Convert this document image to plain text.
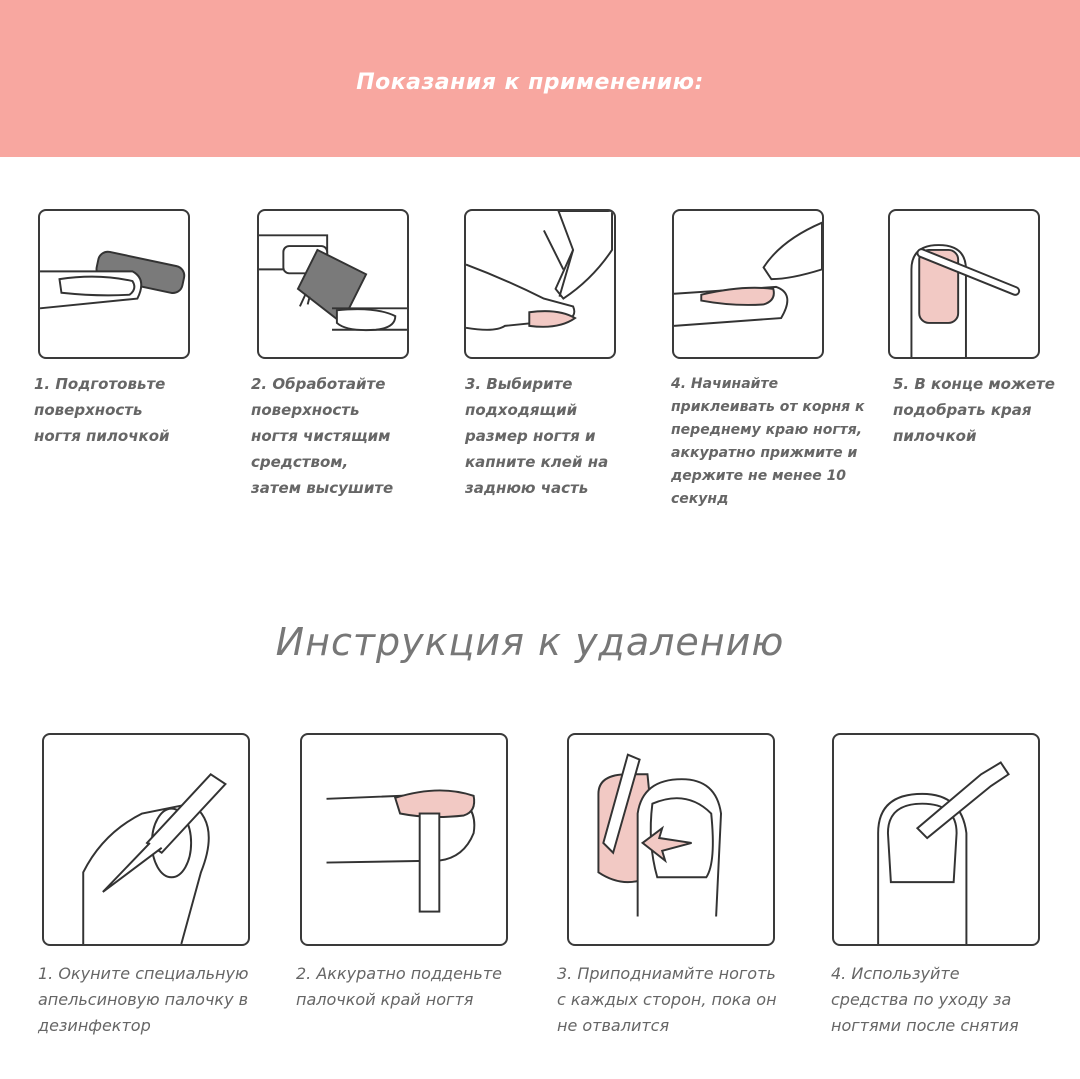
Показания к применению:
1. Подготовьте
поверхность
ногтя пилочкой
2. Обработайте
поверхность
ногтя чистящим
средством,
затем высушите
3. Выбирите
подходящий
размер ногтя и
капните клей на
заднюю часть
4. Начинайте
приклеивать от корня к
переднему краю ногтя,
аккуратно прижмите и
держите не менее 10
секунд
5. В конце можете
подобрать края
пилочкой
Инструкция к удалению
1. Окуните специальную
апельсиновую палочку в
дезинфектор
2. Аккуратно подденьте
палочкой край ногтя
3. Приподниамйте ноготь
с каждых сторон, пока он
не отвалится
4. Используйте
средства по уходу за
ногтями после снятия
